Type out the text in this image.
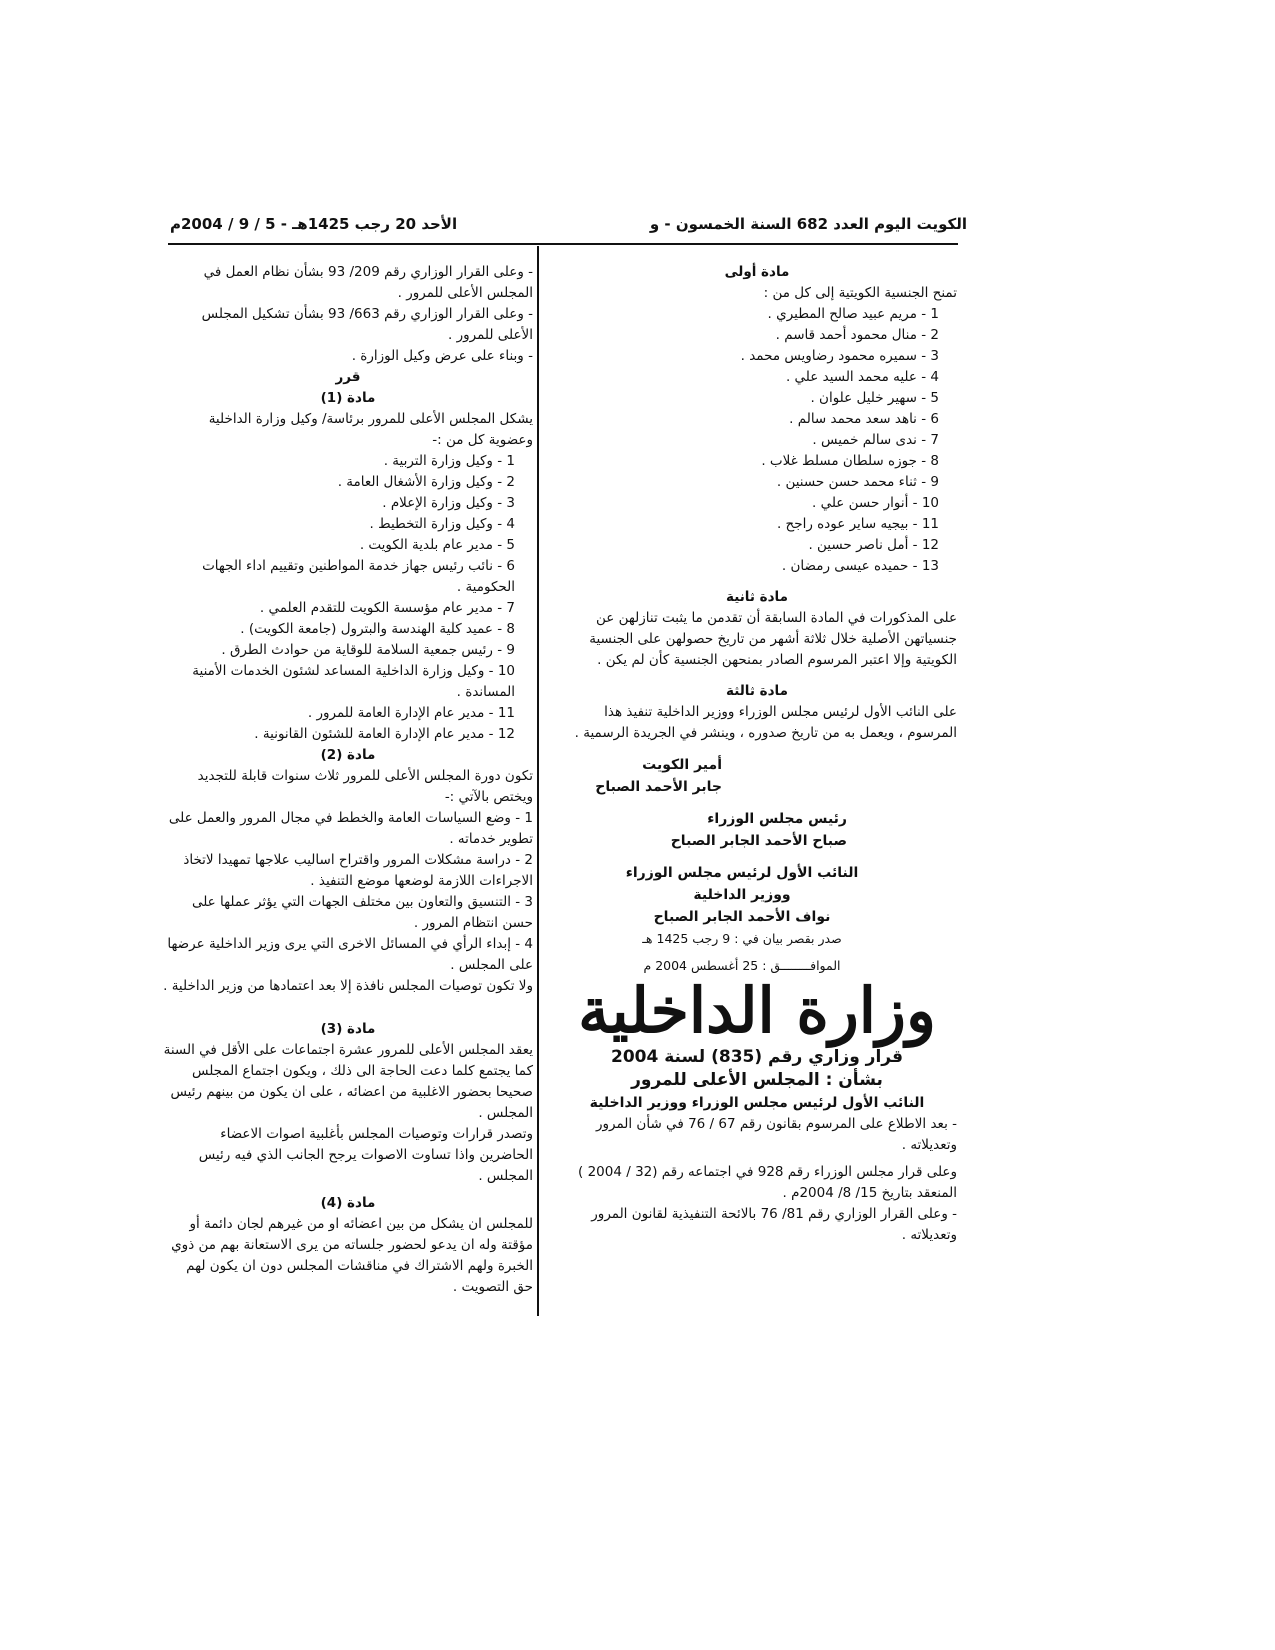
الكويت اليوم العدد 682 السنة الخمسون - و
الأحد 20 رجب 1425هـ - 5 / 9 / 2004م

مادة أولى

تمنح الجنسية الكويتية إلى كل من :

1 - مريم عبيد صالح المطيري .

2 - منال محمود أحمد قاسم .

3 - سميره محمود رضاويس محمد .

4 - عليه محمد السيد علي .

5 - سهير خليل علوان .

6 - ناهد سعد محمد سالم .

7 - ندى سالم خميس .

8 - جوزه سلطان مسلط غلاب .

9 - ثناء محمد حسن حسنين .

10 - أنوار حسن علي .

11 - بيجيه ساير عوده راجح .

12 - أمل ناصر حسين .

13 - حميده عيسى رمضان .

مادة ثانية

على المذكورات في المادة السابقة أن تقدمن ما يثبت تنازلهن عن جنسياتهن الأصلية خلال ثلاثة أشهر من تاريخ حصولهن على الجنسية الكويتية وإلا اعتبر المرسوم الصادر بمنحهن الجنسية كأن لم يكن .

مادة ثالثة

على النائب الأول لرئيس مجلس الوزراء ووزير الداخلية تنفيذ هذا المرسوم ، ويعمل به من تاريخ صدوره ، وينشر في الجريدة الرسمية .

أمير الكويت

جابر الأحمد الصباح

رئيس مجلس الوزراء

صباح الأحمد الجابر الصباح

النائب الأول لرئيس مجلس الوزراء

ووزير الداخلية

نواف الأحمد الجابر الصباح

صدر بقصر بيان في : 9 رجب 1425 هـ

الموافــــــــق : 25 أغسطس 2004 م

وزارة الداخلية

قرار وزاري رقم (835) لسنة 2004

بشأن : المجلس الأعلى للمرور

النائب الأول لرئيس مجلس الوزراء ووزير الداخلية

- بعد الاطلاع على المرسوم بقانون رقم 67 / 76 في شأن المرور وتعديلاته .

وعلى قرار مجلس الوزراء رقم 928 في اجتماعه رقم (32 / 2004 ) المنعقد بتاريخ 15/ 8/ 2004م .

- وعلى القرار الوزاري رقم 81/ 76 بالائحة التنفيذية لقانون المرور وتعديلاته .

- وعلى القرار الوزاري رقم 209/ 93 بشأن نظام العمل في المجلس الأعلى للمرور .

- وعلى القرار الوزاري رقم 663/ 93 بشأن تشكيل المجلس الأعلى للمرور .

- وبناء على عرض وكيل الوزارة .

قرر

مادة (1)

يشكل المجلس الأعلى للمرور برئاسة/ وكيل وزارة الداخلية وعضوية كل من :-

1 - وكيل وزارة التربية .

2 - وكيل وزارة الأشغال العامة .

3 - وكيل وزارة الإعلام .

4 - وكيل وزارة التخطيط .

5 - مدير عام بلدية الكويت .

6 - نائب رئيس جهاز خدمة المواطنين وتقييم اداء الجهات الحكومية .

7 - مدير عام مؤسسة الكويت للتقدم العلمي .

8 - عميد كلية الهندسة والبترول (جامعة الكويت) .

9 - رئيس جمعية السلامة للوقاية من حوادث الطرق .

10 - وكيل وزارة الداخلية المساعد لشئون الخدمات الأمنية المساندة .

11 - مدير عام الإدارة العامة للمرور .

12 - مدير عام الإدارة العامة للشئون القانونية .

مادة (2)

تكون دورة المجلس الأعلى للمرور ثلاث سنوات قابلة للتجديد ويختص بالآتي :-

1 - وضع السياسات العامة والخطط في مجال المرور والعمل على تطوير خدماته .

2 - دراسة مشكلات المرور واقتراح اساليب علاجها تمهيدا لاتخاذ الاجراءات اللازمة لوضعها موضع التنفيذ .

3 - التنسيق والتعاون بين مختلف الجهات التي يؤثر عملها على حسن انتظام المرور .

4 - إبداء الرأي في المسائل الاخرى التي يرى وزير الداخلية عرضها على المجلس .

ولا تكون توصيات المجلس نافذة إلا بعد اعتمادها من وزير الداخلية .

مادة (3)

يعقد المجلس الأعلى للمرور عشرة اجتماعات على الأقل في السنة كما يجتمع كلما دعت الحاجة الى ذلك ، ويكون اجتماع المجلس صحيحا بحضور الاغلبية من اعضائه ، على ان يكون من بينهم رئيس المجلس .

وتصدر قرارات وتوصيات المجلس بأغلبية اصوات الاعضاء الحاضرين واذا تساوت الاصوات يرجح الجانب الذي فيه رئيس المجلس .

مادة (4)

للمجلس ان يشكل من بين اعضائه او من غيرهم لجان دائمة أو مؤقتة وله ان يدعو لحضور جلساته من يرى الاستعانة بهم من ذوي الخبرة ولهم الاشتراك في مناقشات المجلس دون ان يكون لهم حق التصويت .
